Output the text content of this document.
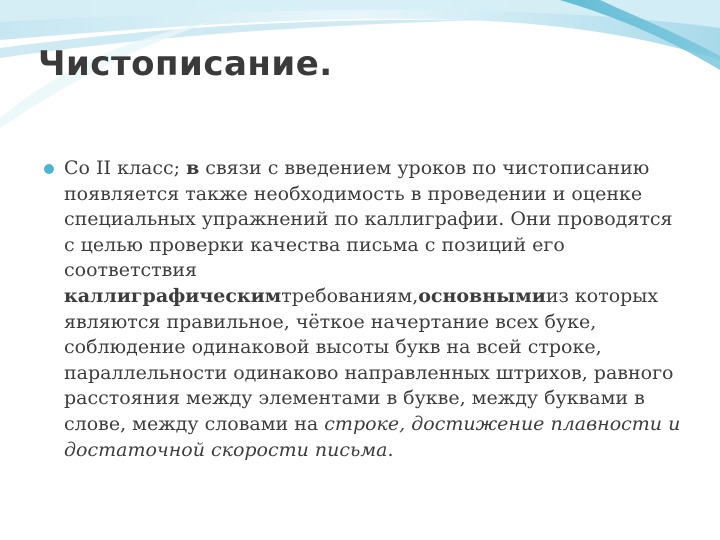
Чистописание.

Со II класс; в связи с введением уроков по чистописанию появляется также необходимость в проведении и оценке специальных упражнений по каллиграфии. Они проводятся с целью проверки качества письма с позиций его соответствия каллиграфическимтребованиям,основнымииз которых являются правильное, чёткое начертание всех буке, соблюдение одинаковой высоты букв на всей строке, параллельности одинаково направленных штрихов, равного расстояния между элементами в букве, между буквами в слове, между словами на строке, достижение плавности и достаточной скорости письма.
